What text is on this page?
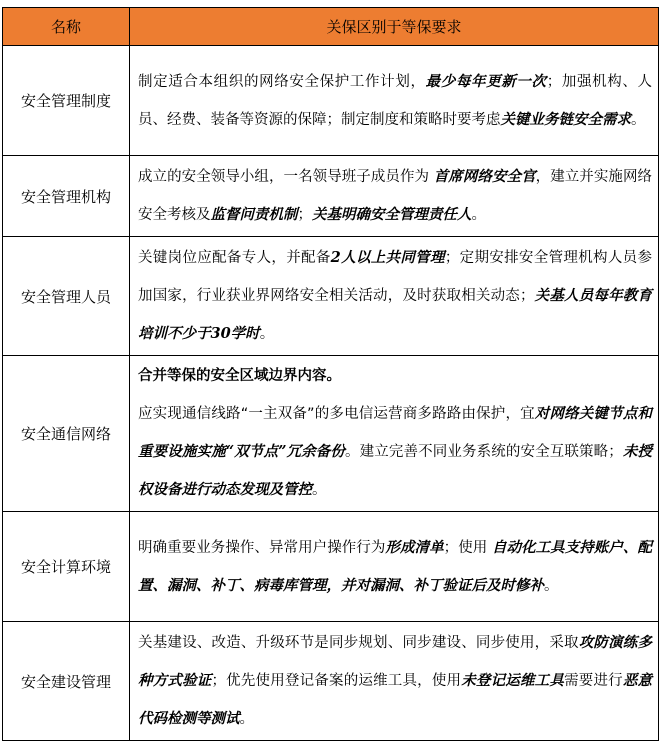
名称	关保区别于等保要求
安全管理制度	制定适合本组织的网络安全保护工作计划，最少每年更新一次；加强机构、人员、经费、装备等资源的保障；制定制度和策略时要考虑关键业务链安全需求。

安全管理机构	成立的安全领导小组，一名领导班子成员作为 首席网络安全官，建立并实施网络安全考核及监督问责机制；关基明确安全管理责任人。

安全管理人员	关键岗位应配备专人，并配备2人以上共同管理；定期安排安全管理机构人员参加国家，行业获业界网络安全相关活动，及时获取相关动态；关基人员每年教育培训不少于30学时。

安全通信网络	合并等保的安全区域边界内容。
应实现通信线路“一主双备”的多电信运营商多路路由保护，宜对网络关键节点和重要设施实施“双节点”冗余备份。建立完善不同业务系统的安全互联策略；未授权设备进行动态发现及管控。

安全计算环境	明确重要业务操作、异常用户操作行为形成清单；使用 自动化工具支持账户、配置、漏洞、补丁、病毒库管理，并对漏洞、补丁验证后及时修补。

安全建设管理	关基建设、改造、升级环节是同步规划、同步建设、同步使用，采取攻防演练多种方式验证；优先使用登记备案的运维工具，使用未登记运维工具需要进行恶意代码检测等测试。
